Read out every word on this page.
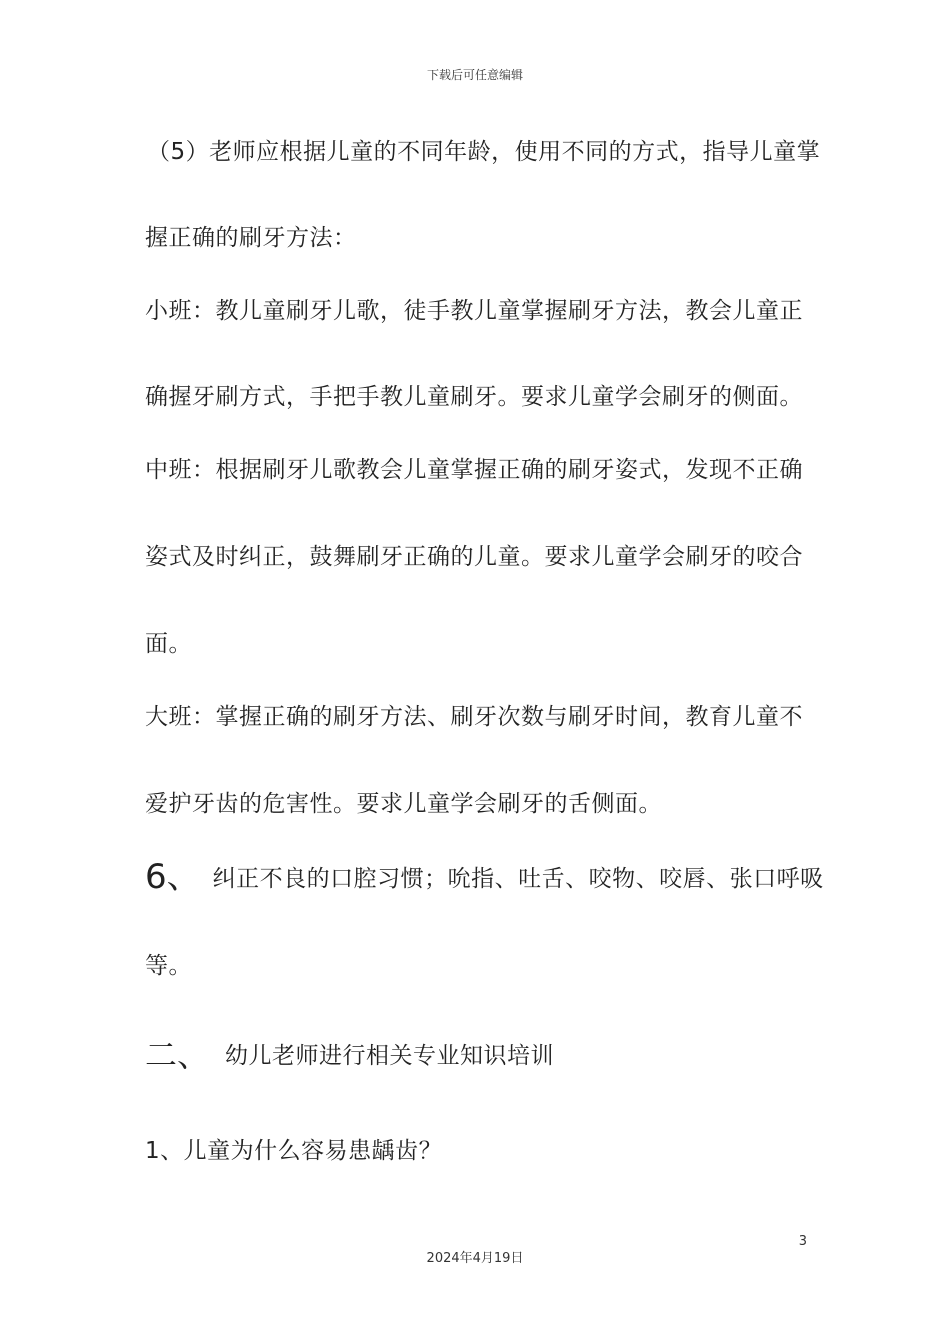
下载后可任意编辑
（5）老师应根据儿童的不同年龄，使用不同的方式，指导儿童掌
握正确的刷牙方法：
小班：教儿童刷牙儿歌，徒手教儿童掌握刷牙方法，教会儿童正
确握牙刷方式，手把手教儿童刷牙。要求儿童学会刷牙的侧面。
中班：根据刷牙儿歌教会儿童掌握正确的刷牙姿式，发现不正确
姿式及时纠正，鼓舞刷牙正确的儿童。要求儿童学会刷牙的咬合
面。
大班：掌握正确的刷牙方法、刷牙次数与刷牙时间，教育儿童不
爱护牙齿的危害性。要求儿童学会刷牙的舌侧面。
6、 纠正不良的口腔习惯；吮指、吐舌、咬物、咬唇、张口呼吸
等。
二、 幼儿老师进行相关专业知识培训
1、儿童为什么容易患龋齿？
3
2024年4月19日
